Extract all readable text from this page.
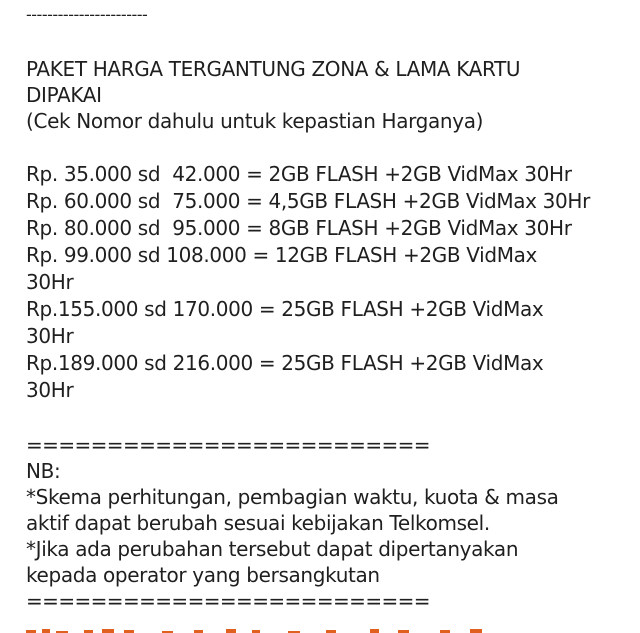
-----------------------
PAKET HARGA TERGANTUNG ZONA & LAMA KARTU
DIPAKAI
(Cek Nomor dahulu untuk kepastian Harganya)
Rp. 35.000 sd  42.000 = 2GB FLASH +2GB VidMax 30Hr
Rp. 60.000 sd  75.000 = 4,5GB FLASH +2GB VidMax 30Hr
Rp. 80.000 sd  95.000 = 8GB FLASH +2GB VidMax 30Hr
Rp. 99.000 sd 108.000 = 12GB FLASH +2GB VidMax
30Hr
Rp.155.000 sd 170.000 = 25GB FLASH +2GB VidMax
30Hr
Rp.189.000 sd 216.000 = 25GB FLASH +2GB VidMax
30Hr
=========================
NB:
*Skema perhitungan, pembagian waktu, kuota & masa
aktif dapat berubah sesuai kebijakan Telkomsel.
*Jika ada perubahan tersebut dapat dipertanyakan
kepada operator yang bersangkutan
=========================
